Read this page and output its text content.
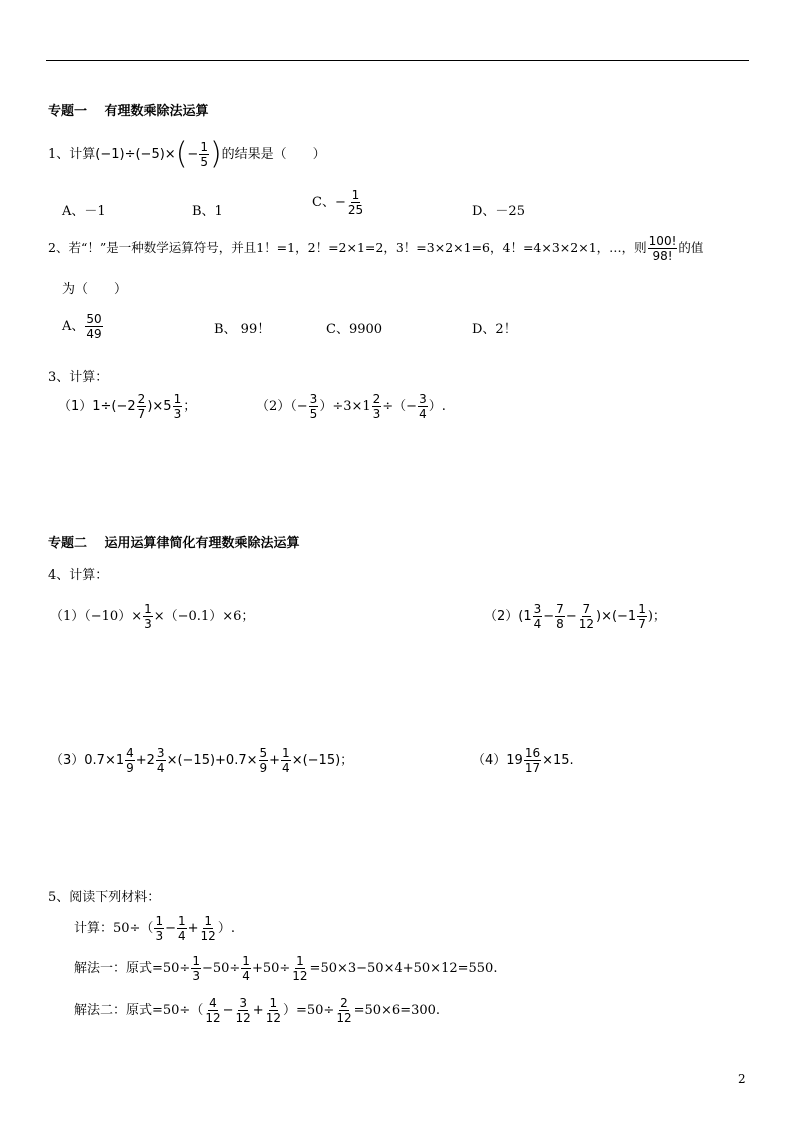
专题一　 有理数乘除法运算
1、计算$(-1)\div(-5)\times(- \frac{1}{5}$ )的结果是（　　）
A、－1	B、1
C、− $\frac{1}{25}$	D、－25
2、若“！”是一种数学运算符号，并且1！=1，2！=2×1=2，3！=3×2×1=6，4！=4×3×2×1，…，则 $\frac{100!}{98!}$ 的值
为（　　）
A、 $\frac{50}{49}$	B、 99！	C、9900	D、2！
3、计算：
$(1)1\div(-2 \frac{2}{7} )\times 5 \frac{1}{3}$ ；	$(2)(- \frac{3}{5} )\div 3\times 1 \frac{2}{3}$ ÷（− $\frac{3}{4}$ ）.
专题二　 运用运算律简化有理数乘除法运算
4、计算：
$(1)(-10)\times \frac{1}{3} \times(-0.1)\times 6$；	$(2)(1 \frac{3}{4} - \frac{7}{8} - \frac{7}{12} )\times(-1 \frac{1}{7}$ )；
$(3)0.7\times 1 \frac{4}{9} +2 \frac{3}{4} \times(-15)+0.7\times \frac{5}{9} + \frac{1}{4} \times(-15)$；	$(4)19 \frac{16}{17} \times 15$.
5、阅读下列材料：
计算：$50\div( \frac{1}{3} - \frac{1}{4} + \frac{1}{12}$ ）.
解法一：原式$=50\div \frac{1}{3} -50\div \frac{1}{4} +50\div \frac{1}{12} =50\times 3-50\times 4+50\times 12=550$.
解法二：原式$=50\div( \frac{4}{12} - \frac{3}{12} + \frac{1}{12} )=50\div \frac{2}{12} =50\times 6=300$.
2
